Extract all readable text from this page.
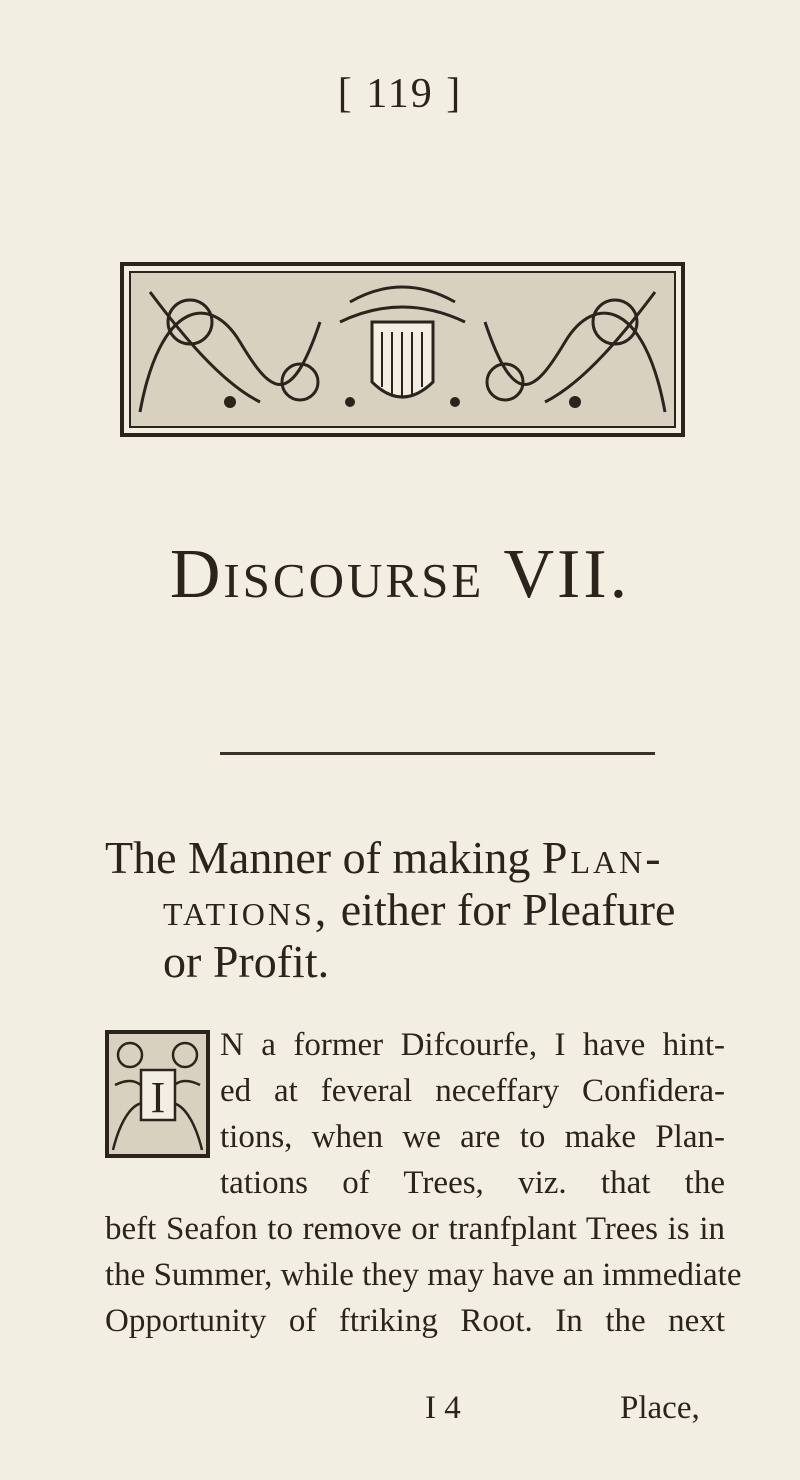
[ 119 ]
Discourse VII.
The Manner of making Plan-
tations, either for Pleafure
or Profit.
I
N a former Difcourfe, I have hint-
ed at feveral neceffary Confidera-
tions, when we are to make Plan-
tations of Trees, viz. that the
beft Seafon to remove or tranfplant Trees is in
the Summer, while they may have an immediate
Opportunity of ftriking Root. In the next
I 4	Place,
